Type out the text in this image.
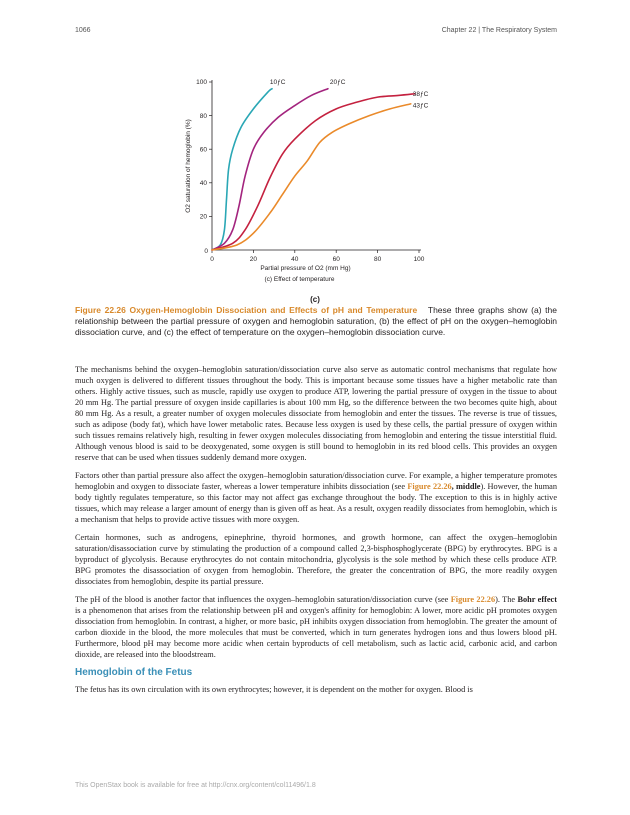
1066	Chapter 22 | The Respiratory System
0	20	40	60	80	100
0
20
40
60
80
100
Partial pressure of O2 (mm Hg)
O2 saturation of hemoglobin (%)
(c) Effect of temperature
10ƒC	20ƒC
38ƒC
43ƒC
(c)
Figure 22.26 Oxygen-Hemoglobin Dissociation and Effects of pH and Temperature These three graphs show (a) the relationship between the partial pressure of oxygen and hemoglobin saturation, (b) the effect of pH on the oxygen–hemoglobin dissociation curve, and (c) the effect of temperature on the oxygen–hemoglobin dissociation curve.

The mechanisms behind the oxygen–hemoglobin saturation/dissociation curve also serve as automatic control mechanisms that regulate how much oxygen is delivered to different tissues throughout the body. This is important because some tissues have a higher metabolic rate than others. Highly active tissues, such as muscle, rapidly use oxygen to produce ATP, lowering the partial pressure of oxygen in the tissue to about 20 mm Hg. The partial pressure of oxygen inside capillaries is about 100 mm Hg, so the difference between the two becomes quite high, about 80 mm Hg. As a result, a greater number of oxygen molecules dissociate from hemoglobin and enter the tissues. The reverse is true of tissues, such as adipose (body fat), which have lower metabolic rates. Because less oxygen is used by these cells, the partial pressure of oxygen within such tissues remains relatively high, resulting in fewer oxygen molecules dissociating from hemoglobin and entering the tissue interstitial fluid. Although venous blood is said to be deoxygenated, some oxygen is still bound to hemoglobin in its red blood cells. This provides an oxygen reserve that can be used when tissues suddenly demand more oxygen.

Factors other than partial pressure also affect the oxygen–hemoglobin saturation/dissociation curve. For example, a higher temperature promotes hemoglobin and oxygen to dissociate faster, whereas a lower temperature inhibits dissociation (see Figure 22.26, middle). However, the human body tightly regulates temperature, so this factor may not affect gas exchange throughout the body. The exception to this is in highly active tissues, which may release a larger amount of energy than is given off as heat. As a result, oxygen readily dissociates from hemoglobin, which is a mechanism that helps to provide active tissues with more oxygen.

Certain hormones, such as androgens, epinephrine, thyroid hormones, and growth hormone, can affect the oxygen–hemoglobin saturation/disassociation curve by stimulating the production of a compound called 2,3-bisphosphoglycerate (BPG) by erythrocytes. BPG is a byproduct of glycolysis. Because erythrocytes do not contain mitochondria, glycolysis is the sole method by which these cells produce ATP. BPG promotes the disassociation of oxygen from hemoglobin. Therefore, the greater the concentration of BPG, the more readily oxygen dissociates from hemoglobin, despite its partial pressure.

The pH of the blood is another factor that influences the oxygen–hemoglobin saturation/dissociation curve (see Figure 22.26). The Bohr effect is a phenomenon that arises from the relationship between pH and oxygen's affinity for hemoglobin: A lower, more acidic pH promotes oxygen dissociation from hemoglobin. In contrast, a higher, or more basic, pH inhibits oxygen dissociation from hemoglobin. The greater the amount of carbon dioxide in the blood, the more molecules that must be converted, which in turn generates hydrogen ions and thus lowers blood pH. Furthermore, blood pH may become more acidic when certain byproducts of cell metabolism, such as lactic acid, carbonic acid, and carbon dioxide, are released into the bloodstream.

Hemoglobin of the Fetus

The fetus has its own circulation with its own erythrocytes; however, it is dependent on the mother for oxygen. Blood is

This OpenStax book is available for free at http://cnx.org/content/col11496/1.8
